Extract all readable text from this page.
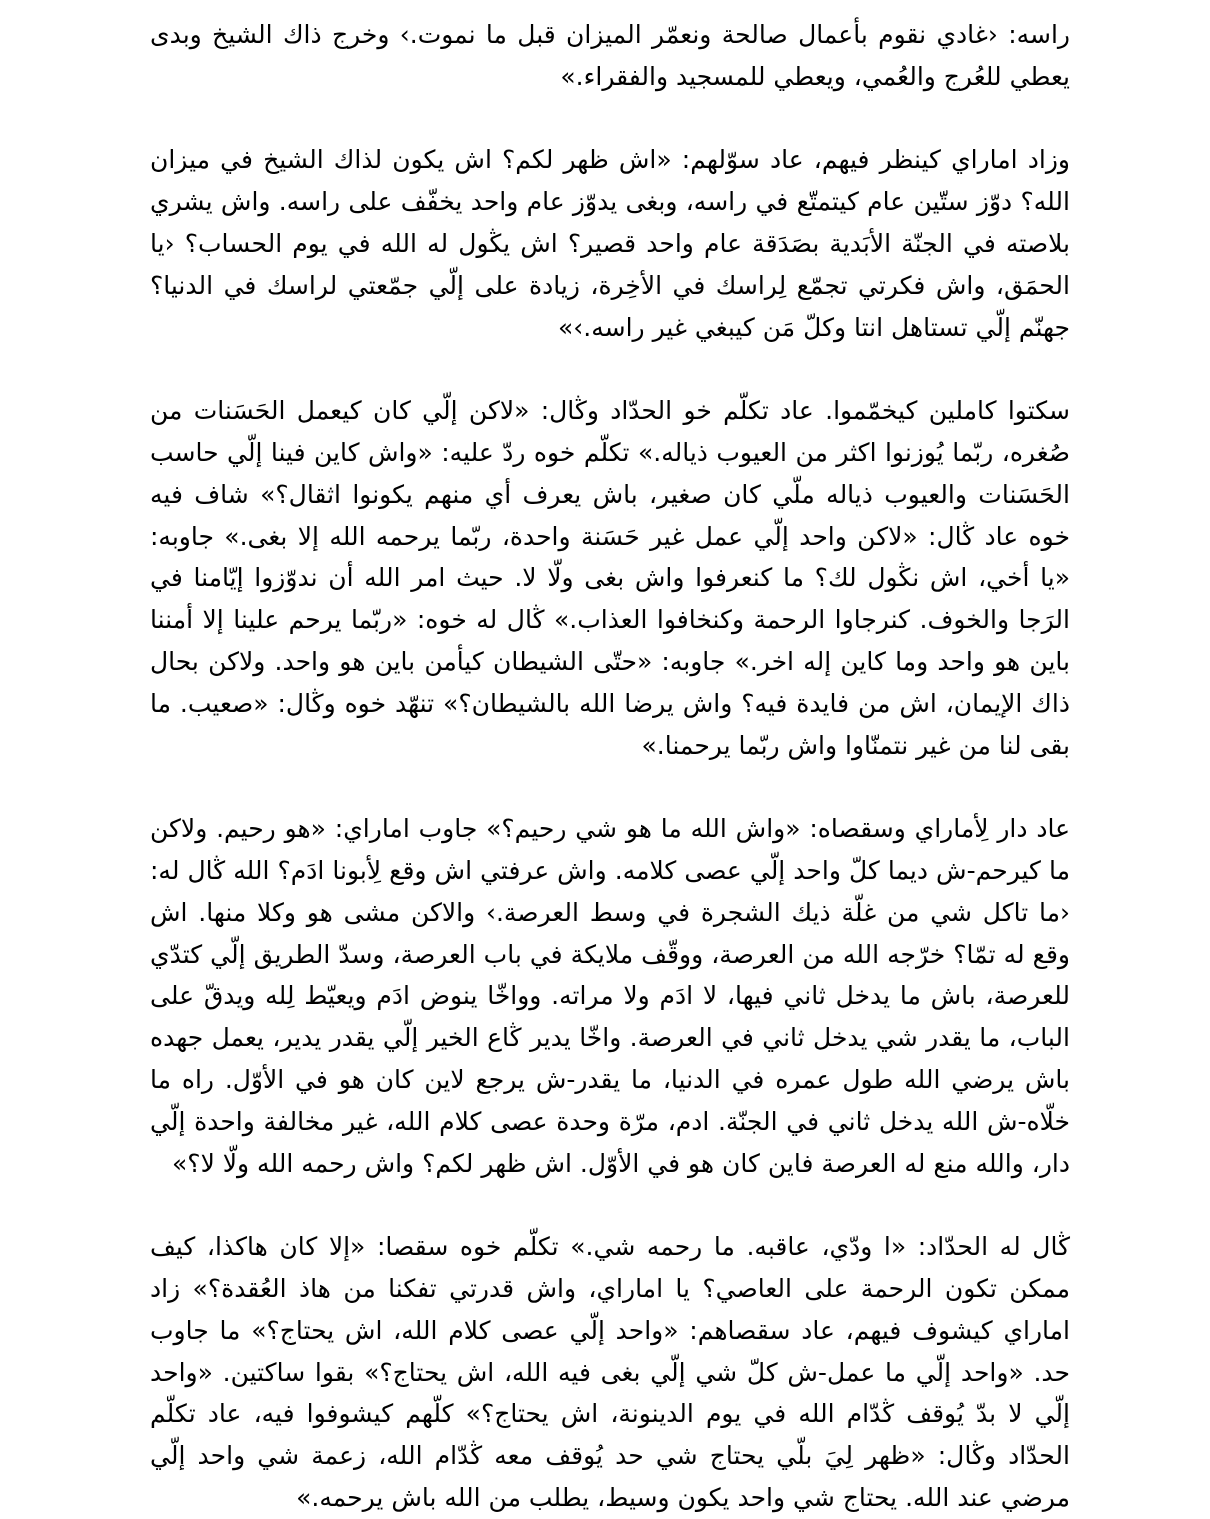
راسه: ‹غادي نقوم بأعمال صالحة ونعمّر الميزان قبل ما نموت.› وخرج ذاك الشيخ وبدى يعطي للعُرج والعُمي، ويعطي للمسجيد والفقراء.»

وزاد اماراي كينظر فيهم، عاد سوّلهم: «اش ظهر لكم؟ اش يكون لذاك الشيخ في ميزان الله؟ دوّز ستّين عام كيتمتّع في راسه، وبغى يدوّز عام واحد يخفّف على راسه. واش يشري بلاصته في الجنّة الأبَدية بصَدَقة عام واحد قصير؟ اش يڭول له الله في يوم الحساب؟ ‹يا الحمَق، واش فكرتي تجمّع لِراسك في الأخِرة، زيادة على إلّي جمّعتي لراسك في الدنيا؟ جهنّم إلّي تستاهل انتا وكلّ مَن كيبغي غير راسه.›»

سكتوا كاملين كيخمّموا. عاد تكلّم خو الحدّاد وڭال: «لاكن إلّي كان كيعمل الحَسَنات من صُغره، ربّما يُوزنوا اكثر من العيوب ذياله.» تكلّم خوه ردّ عليه: «واش كاين فينا إلّي حاسب الحَسَنات والعيوب ذياله ملّي كان صغير، باش يعرف أي منهم يكونوا اثقال؟» شاف فيه خوه عاد ڭال: «لاكن واحد إلّي عمل غير حَسَنة واحدة، ربّما يرحمه الله إلا بغى.» جاوبه: «يا أخي، اش نڭول لك؟ ما كنعرفوا واش بغى ولّا لا. حيث امر الله أن ندوّزوا إيّامنا في الرَجا والخوف. كنرجاوا الرحمة وكنخافوا العذاب.» ڭال له خوه: «ربّما يرحم علينا إلا أمننا باين هو واحد وما كاين إله اخر.» جاوبه: «حتّى الشيطان كيأمن باين هو واحد. ولاكن بحال ذاك الإيمان، اش من فايدة فيه؟ واش يرضا الله بالشيطان؟» تنهّد خوه وڭال: «صعيب. ما بقى لنا من غير نتمنّاوا واش ربّما يرحمنا.»

عاد دار لِأماراي وسقصاه: «واش الله ما هو شي رحيم؟» جاوب اماراي: «هو رحيم. ولاكن ما كيرحم-ش ديما كلّ واحد إلّي عصى كلامه. واش عرفتي اش وقع لِأبونا ادَم؟ الله ڭال له: ‹ما تاكل شي من غلّة ذيك الشجرة في وسط العرصة.› والاكن مشى هو وكلا منها. اش وقع له تمّا؟ خرّجه الله من العرصة، ووقّف ملايكة في باب العرصة، وسدّ الطريق إلّي كتدّي للعرصة، باش ما يدخل ثاني فيها، لا ادَم ولا مراته. وواخّا ينوض ادَم ويعيّط لِله ويدقّ على الباب، ما يقدر شي يدخل ثاني في العرصة. واخّا يدير ڭاع الخير إلّي يقدر يدير، يعمل جهده باش يرضي الله طول عمره في الدنيا، ما يقدر-ش يرجع لاين كان هو في الأوّل. راه ما خلّاه-ش الله يدخل ثاني في الجنّة. ادم، مرّة وحدة عصى كلام الله، غير مخالفة واحدة إلّي دار، والله منع له العرصة فاين كان هو في الأوّل. اش ظهر لكم؟ واش رحمه الله ولّا لا؟»

ڭال له الحدّاد: «ا ودّي، عاقبه. ما رحمه شي.» تكلّم خوه سقصا: «إلا كان هاكذا، كيف ممكن تكون الرحمة على العاصي؟ يا اماراي، واش قدرتي تفكنا من هاذ العُقدة؟» زاد اماراي كيشوف فيهم، عاد سقصاهم: «واحد إلّي عصى كلام الله، اش يحتاج؟» ما جاوب حد. «واحد إلّي ما عمل-ش كلّ شي إلّي بغى فيه الله، اش يحتاج؟» بقوا ساكتين. «واحد إلّي لا بدّ يُوقف ڭدّام الله في يوم الدينونة، اش يحتاج؟» كلّهم كيشوفوا فيه، عاد تكلّم الحدّاد وڭال: «ظهر لِيَ بلّي يحتاج شي حد يُوقف معه ڭدّام الله، زعمة شي واحد إلّي مرضي عند الله. يحتاج شي واحد يكون وسيط، يطلب من الله باش يرحمه.»
